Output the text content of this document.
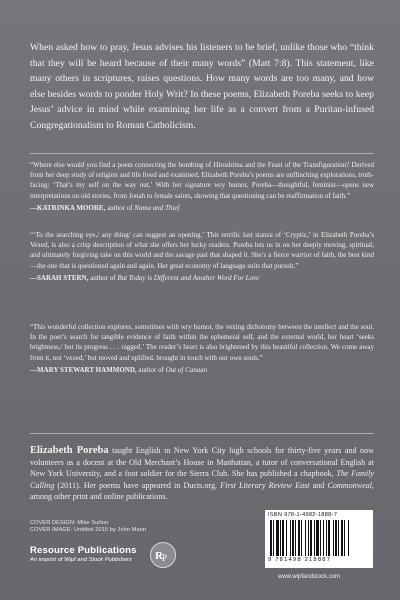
When asked how to pray, Jesus advises his listeners to be brief, unlike those who “think that they will be heard because of their many words” (Matt 7:8). This statement, like many others in scriptures, raises questions. How many words are too many, and how else besides words to ponder Holy Writ? In these poems, Elizabeth Poreba seeks to keep Jesus’ advice in mind while examining her life as a convert from a Puritan-infused Congregationalism to Roman Catholicism.
“Where else would you find a poem connecting the bombing of Hiroshima and the Feast of the Transfiguration? Derived from her deep study of religion and life lived and examined, Elizabeth Poreba’s poems are unflinching explorations, truth-facing: ‘That’s my self on the way out.’ With her signature wry humor, Poreba—thoughtful, feminist—opens new interpretations on old stories, from Jonah to female saints, showing that questioning can be reaffirmation of faith.”
—KATRINKA MOORE, author of Numa and Thief
“‘To the searching eye,/ any thing/ can suggest an opening.’ This terrific last stanza of ‘Cryptic,’ in Elizabeth Poreba’s Vexed, is also a crisp description of what she offers her lucky readers. Poreba lets us in on her deeply moving, spiritual, and ultimately forgiving take on this world and the savage past that shaped it. She’s a fierce warrior of faith, the best kind—the one that is questioned again and again. Her great economy of language suits that pursuit.”
—SARAH STERN, author of But Today is Different and Another Word For Love
“This wonderful collection explores, sometimes with wry humor, the vexing dichotomy between the intellect and the soul. In the poet’s search for tangible evidence of faith within the ephemeral self, and the external world, her heart ‘seeks brightness,/ but its progress . . . ragged.’ The reader’s heart is also brightened by this beautiful collection. We come away from it, not ‘vexed,’ but moved and uplifted, brought in touch with our own souls.”
—MARY STEWART HAMMOND, author of Out of Canaan
Elizabeth Poreba taught English in New York City high schools for thirty-five years and now volunteers as a docent at the Old Merchant’s House in Manhattan, a tutor of conversational English at New York University, and a foot soldier for the Sierra Club. She has published a chapbook, The Family Calling (2011). Her poems have appeared in Ducts.org, First Literary Review East and Commonweal, among other print and online publications.
COVER DESIGN: Mike Surber
COVER IMAGE: Untitled 2015 by John Mann
Resource Publications
An imprint of Wipf and Stock Publishers	R P
ISBN 978-1-4982-1888-7
9 781498 218887
www.wipfandstock.com
